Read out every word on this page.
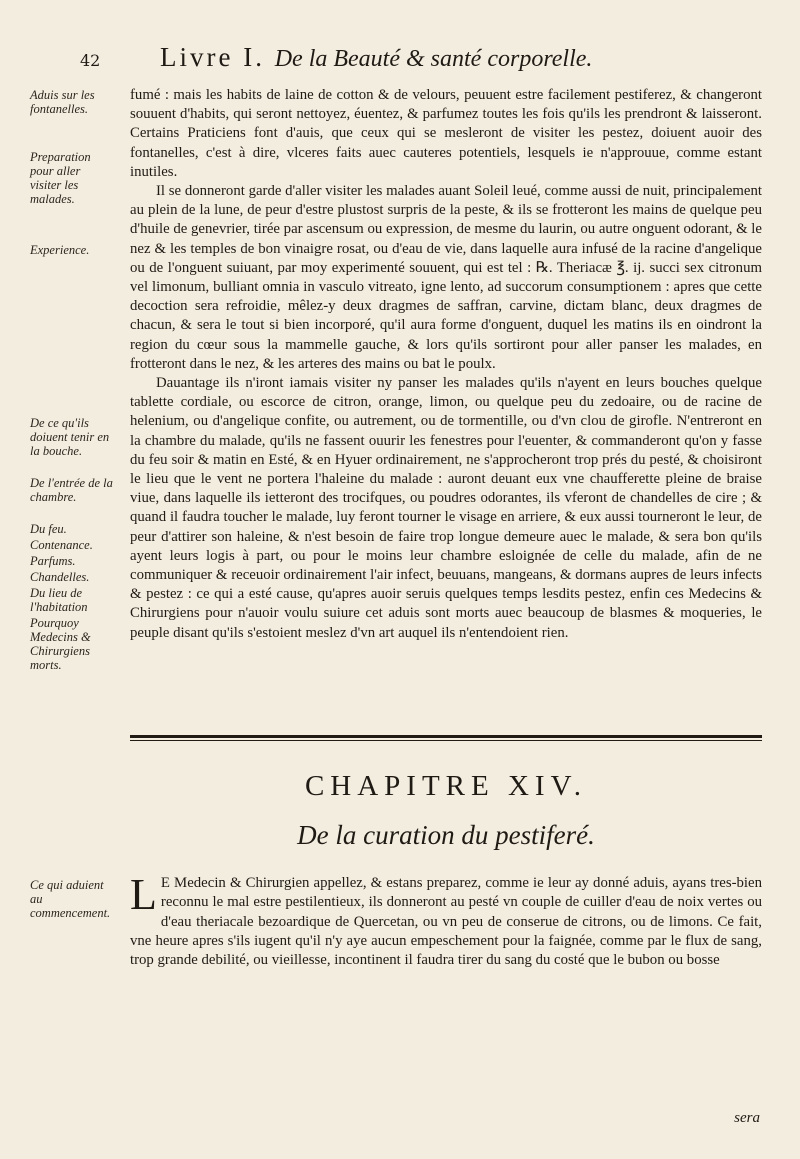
42	Livre I. De la Beauté & santé corporelle.
Aduis sur les fontanelles.
Preparation pour aller visiter les malades.
Experience.
De ce qu'ils doiuent tenir en la bouche.
De l'entrée de la chambre.
Du feu.
Contenance.
Parfums.
Chandelles.
Du lieu de l'habitation
Pourquoy Medecins & Chirurgiens morts.
Ce qui aduient au commencement.

fumé : mais les habits de laine de cotton & de velours, peuuent estre facilement pestiferez, & changeront souuent d'habits, qui seront nettoyez, éuentez, & parfumez toutes les fois qu'ils les prendront & laisseront. Certains Praticiens font d'auis, que ceux qui se mesleront de visiter les pestez, doiuent auoir des fontanelles, c'est à dire, vlceres faits auec cauteres potentiels, lesquels ie n'approuue, comme estant inutiles.

Il se donneront garde d'aller visiter les malades auant Soleil leué, comme aussi de nuit, principalement au plein de la lune, de peur d'estre plustost surpris de la peste, & ils se frotteront les mains de quelque peu d'huile de genevrier, tirée par ascensum ou expression, de mesme du laurin, ou autre onguent odorant, & le nez & les temples de bon vinaigre rosat, ou d'eau de vie, dans laquelle aura infusé de la racine d'angelique ou de l'onguent suiuant, par moy experimenté souuent, qui est tel : ℞. Theriacæ ℥. ij. succi sex citronum vel limonum, bulliant omnia in vasculo vitreato, igne lento, ad succorum consumptionem : apres que cette decoction sera refroidie, mêlez-y deux dragmes de saffran, carvine, dictam blanc, deux dragmes de chacun, & sera le tout si bien incorporé, qu'il aura forme d'onguent, duquel les matins ils en oindront la region du cœur sous la mammelle gauche, & lors qu'ils sortiront pour aller panser les malades, en frotteront dans le nez, & les arteres des mains ou bat le poulx.

Dauantage ils n'iront iamais visiter ny panser les malades qu'ils n'ayent en leurs bouches quelque tablette cordiale, ou escorce de citron, orange, limon, ou quelque peu du zedoaire, ou de racine de helenium, ou d'angelique confite, ou autrement, ou de tormentille, ou d'vn clou de girofle. N'entreront en la chambre du malade, qu'ils ne fassent ouurir les fenestres pour l'euenter, & commanderont qu'on y fasse du feu soir & matin en Esté, & en Hyuer ordinairement, ne s'approcheront trop prés du pesté, & choisiront le lieu que le vent ne portera l'haleine du malade : auront deuant eux vne chaufferette pleine de braise viue, dans laquelle ils ietteront des trocifques, ou poudres odorantes, ils vferont de chandelles de cire ; & quand il faudra toucher le malade, luy feront tourner le visage en arriere, & eux aussi tourneront le leur, de peur d'attirer son haleine, & n'est besoin de faire trop longue demeure auec le malade, & sera bon qu'ils ayent leurs logis à part, ou pour le moins leur chambre esloignée de celle du malade, afin de ne communiquer & receuoir ordinairement l'air infect, beuuans, mangeans, & dormans aupres de leurs infects & pestez : ce qui a esté cause, qu'apres auoir seruis quelques temps lesdits pestez, enfin ces Medecins & Chirurgiens pour n'auoir voulu suiure cet aduis sont morts auec beaucoup de blasmes & moqueries, le peuple disant qu'ils s'estoient meslez d'vn art auquel ils n'entendoient rien.

CHAPITRE XIV.
De la curation du pestiferé.
L E Medecin & Chirurgien appellez, & estans preparez, comme ie leur ay donné aduis, ayans tres-bien reconnu le mal estre pestilentieux, ils donneront au pesté vn couple de cuiller d'eau de noix vertes ou d'eau theriacale bezoardique de Quercetan, ou vn peu de conserue de citrons, ou de limons. Ce fait, vne heure apres s'ils iugent qu'il n'y aye aucun empeschement pour la faignée, comme par le flux de sang, trop grande debilité, ou vieillesse, incontinent il faudra tirer du sang du costé que le bubon ou bosse

sera
